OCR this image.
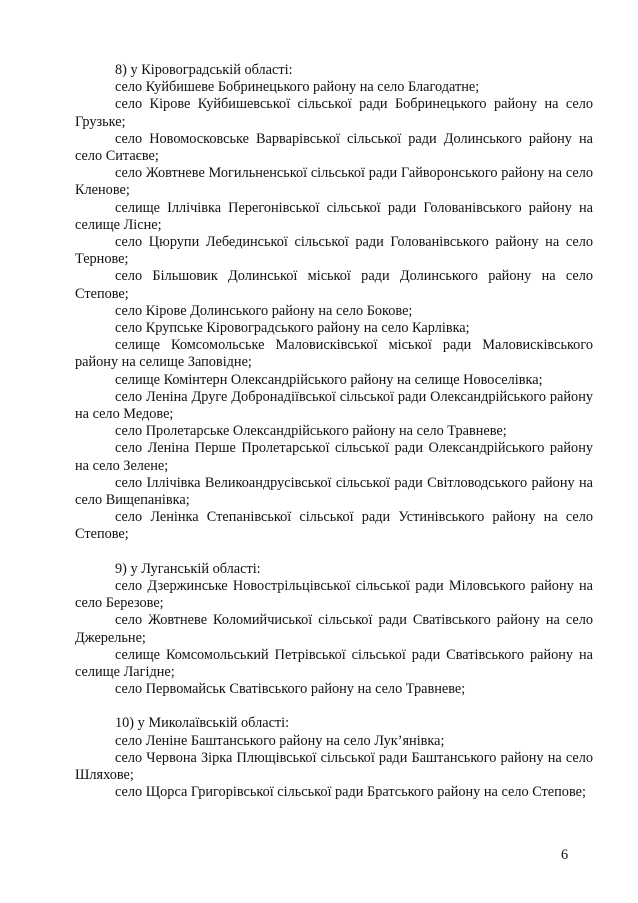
8) у Кіровоградській області:

село Куйбишеве Бобринецького району на село Благодатне;

село Кірове Куйбишевської сільської ради Бобринецького району на село Грузьке;

село Новомосковське Варварівської сільської ради Долинського району на село Ситаєве;

село Жовтневе Могильненської сільської ради Гайворонського району на село Кленове;

селище Іллічівка Перегонівської сільської ради Голованівського району на селище Лісне;

село Цюрупи Лебединської сільської ради Голованівського району на село Тернове;

село Більшовик Долинської міської ради Долинського району на село Степове;

село Кірове Долинського району на село Бокове;

село Крупське Кіровоградського району на село Карлівка;

селище Комсомольське Маловисківської міської ради Маловисківського району на селище Заповідне;

селище Комінтерн Олександрійського району на селище Новоселівка;

село Леніна Друге Добронадіївської сільської ради Олександрійського району на село Медове;

село Пролетарське Олександрійського району на село Травневе;

село Леніна Перше Пролетарської сільської ради Олександрійського району на село Зелене;

село Іллічівка Великоандрусівської сільської ради Світловодського району на село Вищепанівка;

село Ленінка Степанівської сільської ради Устинівського району на село Степове;

9) у Луганській області:

село Дзержинське Новострільцівської сільської ради Міловського району на село Березове;

село Жовтневе Коломийчиської сільської ради Сватівського району на село Джерельне;

селище Комсомольський Петрівської сільської ради Сватівського району на селище Лагідне;

село Первомайськ Сватівського району на село Травневе;

10) у Миколаївській області:

село Леніне Баштанського району на село Лук’янівка;

село Червона Зірка Плющівської сільської ради Баштанського району на село Шляхове;

село Щорса Григорівської сільської ради Братського району на село Степове;

6
